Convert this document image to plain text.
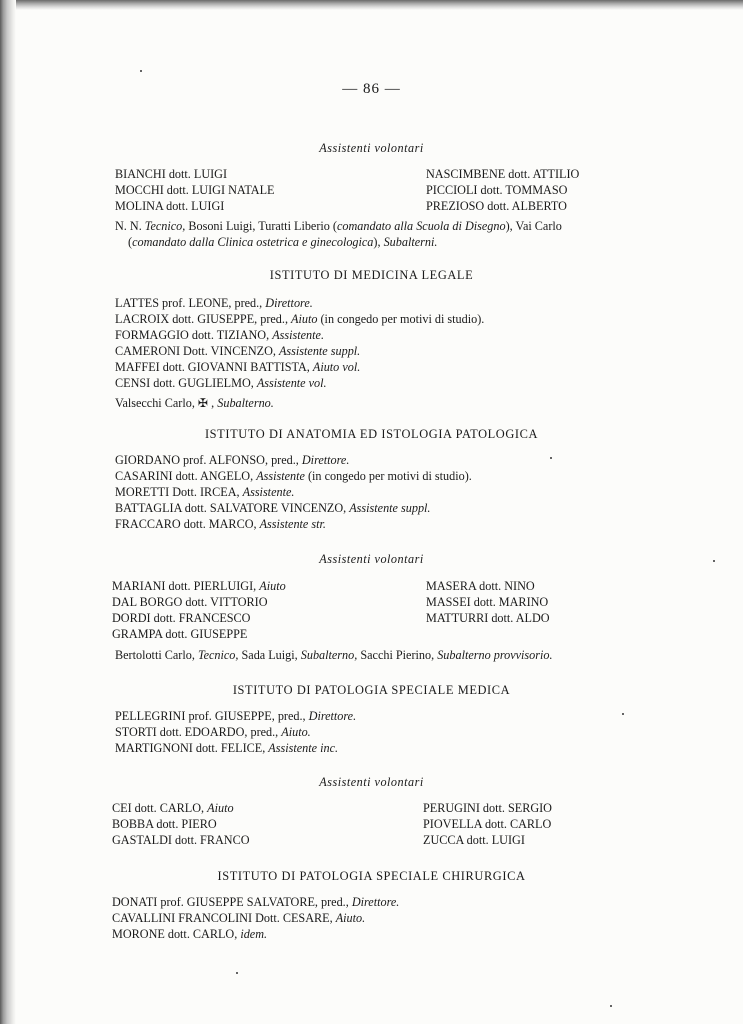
— 86 —
Assistenti volontari
BIANCHI dott. LUIGI
MOCCHI dott. LUIGI NATALE
MOLINA dott. LUIGI
NASCIMBENE dott. ATTILIO
PICCIOLI dott. TOMMASO
PREZIOSO dott. ALBERTO
N. N. Tecnico, Bosoni Luigi, Turatti Liberio (comandato alla Scuola di Disegno), Vai Carlo
(comandato dalla Clinica ostetrica e ginecologica), Subalterni.
ISTITUTO DI MEDICINA LEGALE
LATTES prof. LEONE, pred., Direttore.
LACROIX dott. GIUSEPPE, pred., Aiuto (in congedo per motivi di studio).
FORMAGGIO dott. TIZIANO, Assistente.
CAMERONI Dott. VINCENZO, Assistente suppl.
MAFFEI dott. GIOVANNI BATTISTA, Aiuto vol.
CENSI dott. GUGLIELMO, Assistente vol.
Valsecchi Carlo, ✠ , Subalterno.
ISTITUTO DI ANATOMIA ED ISTOLOGIA PATOLOGICA
GIORDANO prof. ALFONSO, pred., Direttore.
CASARINI dott. ANGELO, Assistente (in congedo per motivi di studio).
MORETTI Dott. IRCEA, Assistente.
BATTAGLIA dott. SALVATORE VINCENZO, Assistente suppl.
FRACCARO dott. MARCO, Assistente str.
Assistenti volontari
MARIANI dott. PIERLUIGI, Aiuto
DAL BORGO dott. VITTORIO
DORDI dott. FRANCESCO
GRAMPA dott. GIUSEPPE
MASERA dott. NINO
MASSEI dott. MARINO
MATTURRI dott. ALDO
Bertolotti Carlo, Tecnico, Sada Luigi, Subalterno, Sacchi Pierino, Subalterno provvisorio.
ISTITUTO DI PATOLOGIA SPECIALE MEDICA
PELLEGRINI prof. GIUSEPPE, pred., Direttore.
STORTI dott. EDOARDO, pred., Aiuto.
MARTIGNONI dott. FELICE, Assistente inc.
Assistenti volontari
CEI dott. CARLO, Aiuto
BOBBA dott. PIERO
GASTALDI dott. FRANCO
PERUGINI dott. SERGIO
PIOVELLA dott. CARLO
ZUCCA dott. LUIGI
ISTITUTO DI PATOLOGIA SPECIALE CHIRURGICA
DONATI prof. GIUSEPPE SALVATORE, pred., Direttore.
CAVALLINI FRANCOLINI Dott. CESARE, Aiuto.
MORONE dott. CARLO, idem.
